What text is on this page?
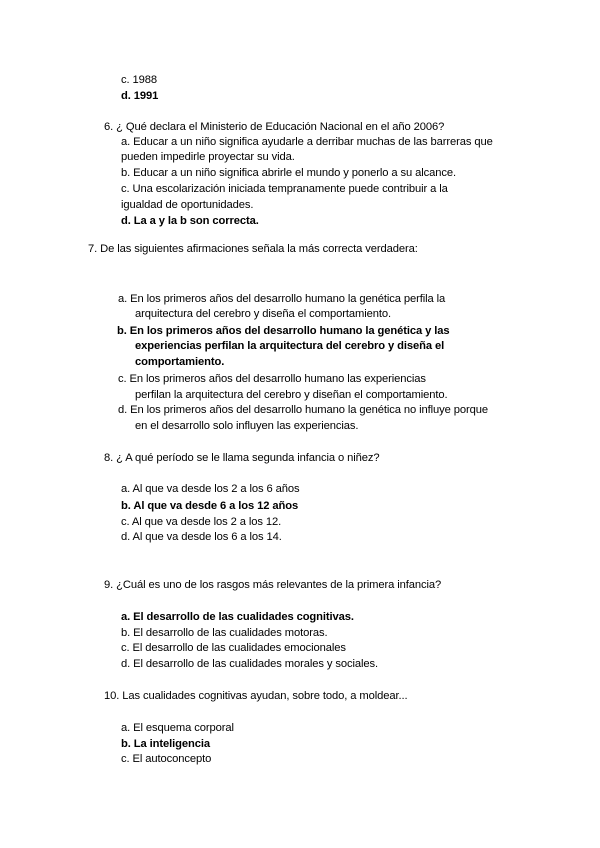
c. 1988
d. 1991
6. ¿ Qué declara el Ministerio de Educación Nacional en el año 2006?
a. Educar a un niño significa ayudarle a derribar muchas de las barreras que
pueden impedirle proyectar su vida.
b. Educar a un niño significa abrirle el mundo y ponerlo a su alcance.
c. Una escolarización iniciada tempranamente puede contribuir a la
igualdad de oportunidades.
d. La a y la b son correcta.
7. De las siguientes afirmaciones señala la más correcta verdadera:
a. En los primeros años del desarrollo humano la genética perfila la
arquitectura del cerebro y diseña el comportamiento.
b. En los primeros años del desarrollo humano la genética y las
experiencias perfilan la arquitectura del cerebro y diseña el
comportamiento.
c. En los primeros años del desarrollo humano las experiencias
perfilan la arquitectura del cerebro y diseñan el comportamiento.
d. En los primeros años del desarrollo humano la genética no influye porque
en el desarrollo solo influyen las experiencias.
8. ¿ A qué período se le llama segunda infancia o niñez?
a. Al que va desde los 2 a los 6 años
b. Al que va desde 6 a los 12 años
c. Al que va desde los 2 a los 12.
d. Al que va desde los 6 a los 14.
9. ¿Cuál es uno de los rasgos más relevantes de la primera infancia?
a. El desarrollo de las cualidades cognitivas.
b. El desarrollo de las cualidades motoras.
c. El desarrollo de las cualidades emocionales
d. El desarrollo de las cualidades morales y sociales.
10. Las cualidades cognitivas ayudan, sobre todo, a moldear...
a. El esquema corporal
b. La inteligencia
c. El autoconcepto
